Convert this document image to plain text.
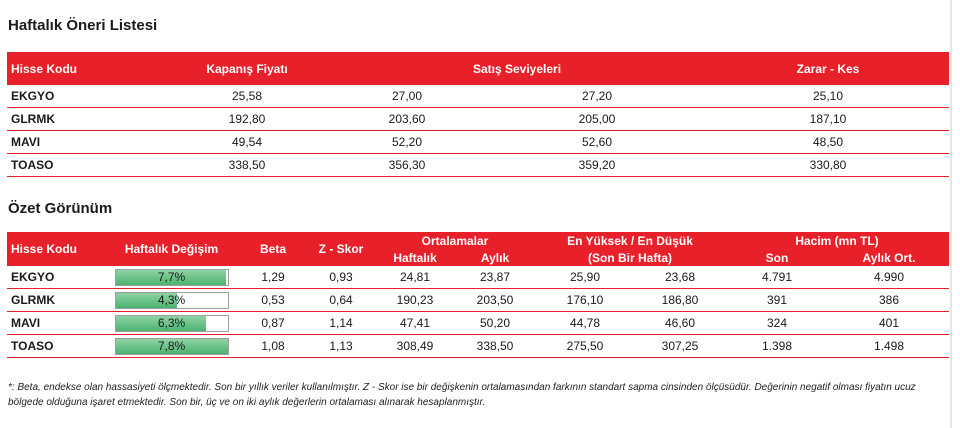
Haftalık Öneri Listesi
Hisse Kodu	Kapanış Fiyatı	Satış Seviyeleri		Zarar - Kes
EKGYO	25,58	27,00	27,20	25,10
GLRMK	192,80	203,60	205,00	187,10
MAVI	49,54	52,20	52,60	48,50
TOASO	338,50	356,30	359,20	330,80
Özet Görünüm
Hisse Kodu	Haftalık Değişim	Beta	Z - Skor	Ortalamalar		En Yüksek / En Düşük		Hacim (mn TL)	
				Haftalık	Aylık	(Son Bir Hafta)		Son	Aylık Ort.
EKGYO	7,7%	1,29	0,93	24,81	23,87	25,90	23,68	4.791	4.990
GLRMK	4,3%	0,53	0,64	190,23	203,50	176,10	186,80	391	386
MAVI	6,3%	0,87	1,14	47,41	50,20	44,78	46,60	324	401
TOASO	7,8%	1,08	1,13	308,49	338,50	275,50	307,25	1.398	1.498
*: Beta, endekse olan hassasiyeti ölçmektedir. Son bir yıllık veriler kullanılmıştır. Z - Skor ise bir değişkenin ortalamasından farkının standart sapma cinsinden ölçüsüdür. Değerinin negatif olması fiyatın ucuz bölgede olduğuna işaret etmektedir. Son bir, üç ve on iki aylık değerlerin ortalaması alınarak hesaplanmıştır.
